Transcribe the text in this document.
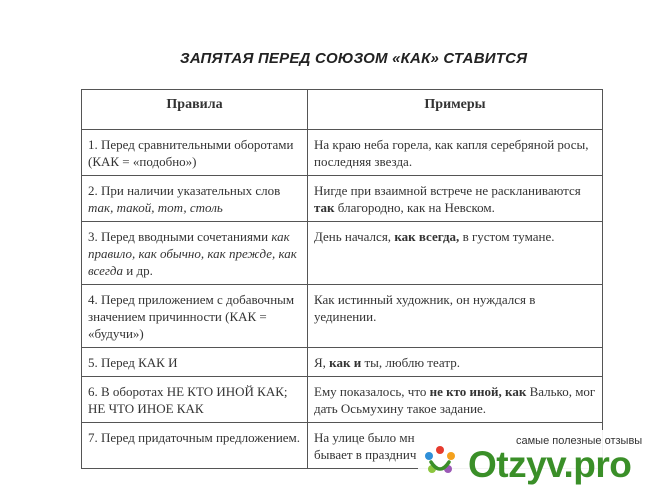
ЗАПЯТАЯ ПЕРЕД СОЮЗОМ «КАК» СТАВИТСЯ
Правила	Примеры
1. Перед сравнительными оборотами (КАК = «подобно»)	На краю неба горела, как капля серебряной росы, последняя звезда.
2. При наличии указательных слов так, такой, тот, столь	Нигде при взаимной встрече не раскланиваются так благородно, как на Невском.
3. Перед вводными сочетаниями как правило, как обычно, как прежде, как всегда и др.	День начался, как всегда, в густом тумане.
4. Перед приложением с добавочным значением причинности (КАК = «будучи»)	Как истинный художник, он нуждался в уединении.
5. Перед КАК И	Я, как и ты, люблю театр.
6. В оборотах НЕ КТО ИНОЙ КАК;
НЕ ЧТО ИНОЕ КАК	Ему показалось, что не кто иной, как Валько, мог дать Осьмухину такое задание.
7. Перед придаточным предложением.	На улице было мн
бывает в празднич
самые полезные отзывы
Otzyv.pro
